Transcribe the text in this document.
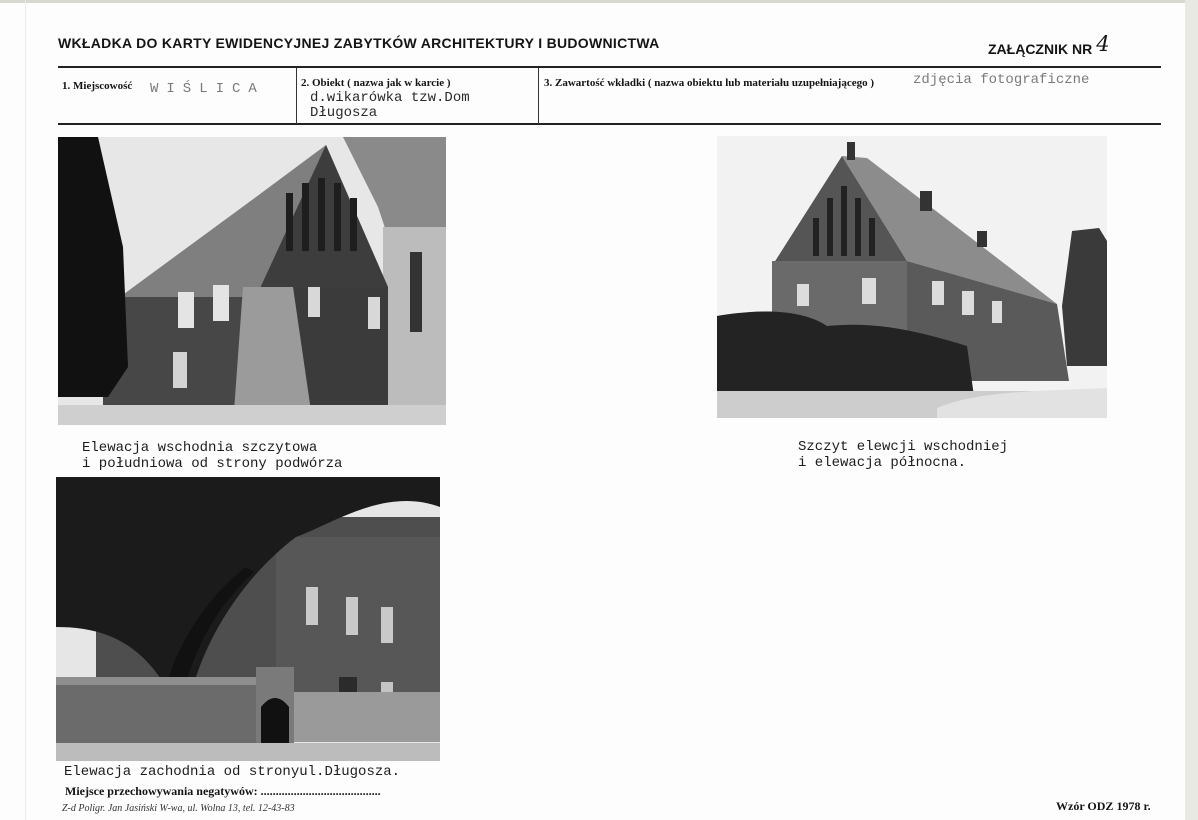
WKŁADKA DO KARTY EWIDENCYJNEJ ZABYTKÓW ARCHITEKTURY I BUDOWNICTWA	ZAŁĄCZNIK NR 4
1. Miejscowość WIŚLICA	2. Obiekt ( nazwa jak w karcie )
d.wikarówka tzw.Dom
Długosza
3. Zawartość wkładki ( nazwa obiektu lub materiału uzupełniającego )	zdjęcia fotograficzne
Elewacja wschodnia szczytowa
i południowa od strony podwórza
Szczyt elewcji wschodniej
i elewacja północna.
Elewacja zachodnia od stronyul.Długosza.
Miejsce przechowywania negatywów: ........................................
Z-d Poligr. Jan Jasiński W-wa, ul. Wolna 13, tel. 12-43-83	Wzór ODZ 1978 r.
